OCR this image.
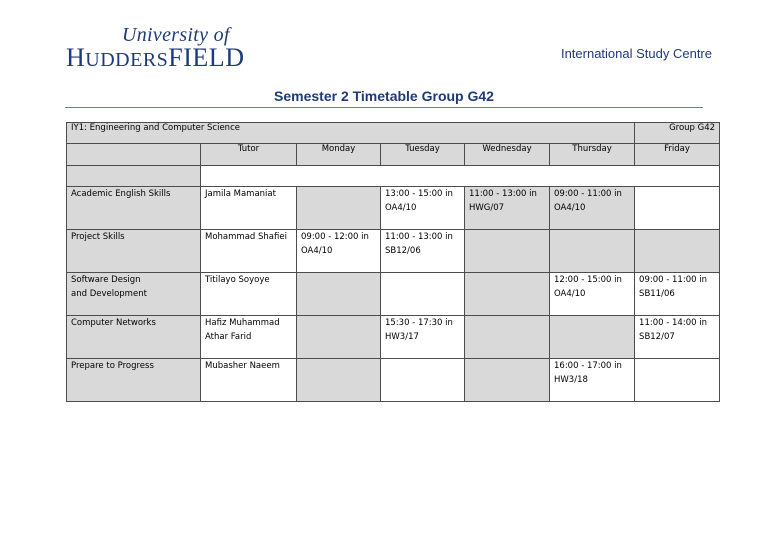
University of
HUDDERSFIELD	International Study Centre
Semester 2 Timetable Group G42
IY1: Engineering and Computer Science						Group G42
	Tutor	Monday	Tuesday	Wednesday	Thursday	Friday

Academic English Skills	Jamila Mamaniat		13:00 - 15:00 in
OA4/10	11:00 - 13:00 in
HWG/07	09:00 - 11:00 in
OA4/10	

Project Skills	Mohammad Shafiei	09:00 - 12:00 in
OA4/10	11:00 - 13:00 in
SB12/06			

Software Design
and Development	Titilayo Soyoye				12:00 - 15:00 in
OA4/10	09:00 - 11:00 in
SB11/06

Computer Networks	Hafiz Muhammad
Athar Farid		15:30 - 17:30 in
HW3/17			11:00 - 14:00 in
SB12/07

Prepare to Progress	Mubasher Naeem				16:00 - 17:00 in
HW3/18	
